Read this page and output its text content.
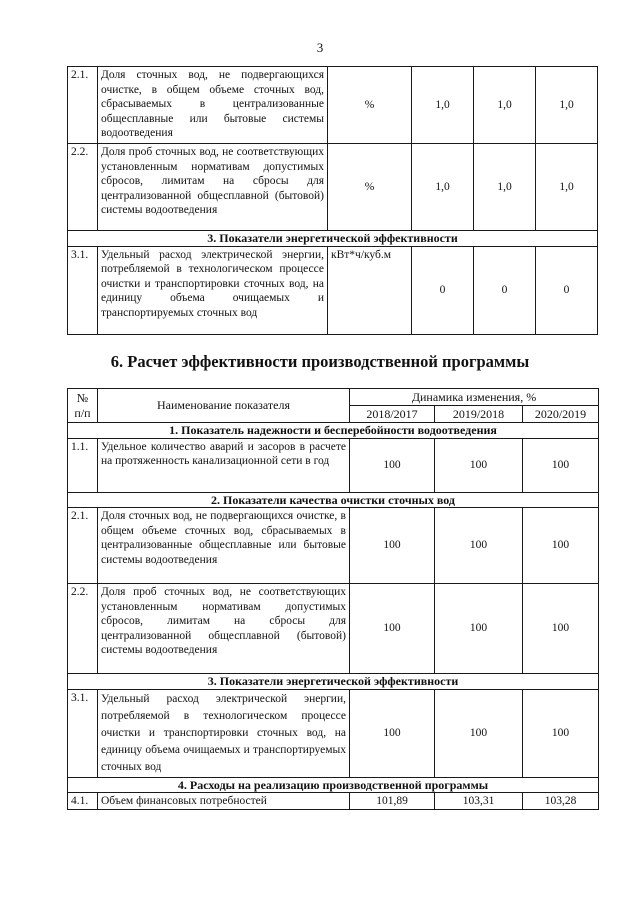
3
2.1.	Доля сточных вод, не подвергающихся очистке, в общем объеме сточных вод, сбрасываемых в централизованные общесплавные или бытовые системы водоотведения	%	1,0	1,0	1,0
2.2.	Доля проб сточных вод, не соответствующих установленным нормативам допустимых сбросов, лимитам на сбросы для централизованной общесплавной (бытовой) системы водоотведения	%	1,0	1,0	1,0
3. Показатели энергетической эффективности					
3.1.	Удельный расход электрической энергии, потребляемой в технологическом процессе очистки и транспортировки сточных вод, на единицу объема очищаемых и транспортируемых сточных вод	кВт*ч/куб.м	0	0	0
6. Расчет эффективности производственной программы
№
п/п	Наименование показателя	Динамика изменения, %		
		2018/2017	2019/2018	2020/2019
1. Показатель надежности и бесперебойности водоотведения				
1.1.	Удельное количество аварий и засоров в расчете на протяженность канализационной сети в год	100	100	100
2. Показатели качества очистки сточных вод				
2.1.	Доля сточных вод, не подвергающихся очистке, в общем объеме сточных вод, сбрасываемых в централизованные общесплавные или бытовые системы водоотведения	100	100	100
2.2.	Доля проб сточных вод, не соответствующих установленным нормативам допустимых сбросов, лимитам на сбросы для централизованной общесплавной (бытовой) системы водоотведения	100	100	100
3. Показатели энергетической эффективности				
3.1.	Удельный расход электрической энергии, потребляемой в технологическом процессе очистки и транспортировки сточных вод, на единицу объема очищаемых и транспортируемых сточных вод	100	100	100
4. Расходы на реализацию производственной программы				
4.1.	Объем финансовых потребностей	101,89	103,31	103,28
